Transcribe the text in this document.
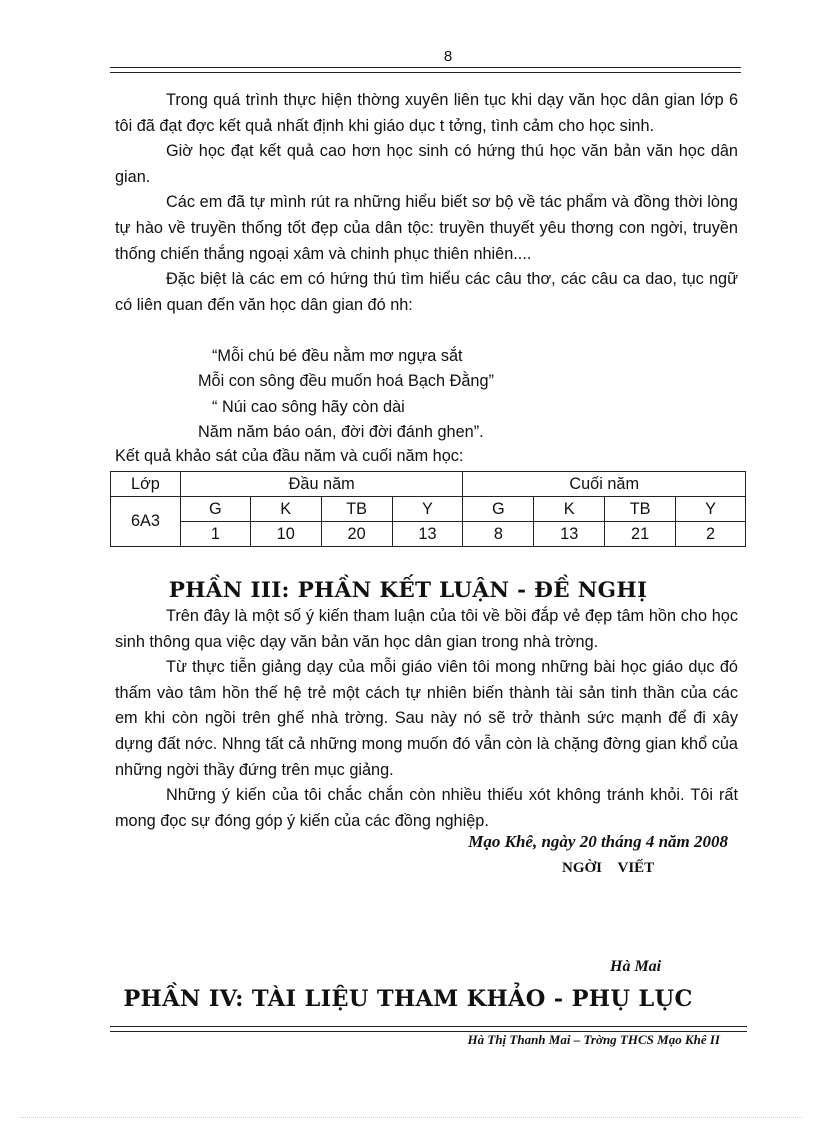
8

Trong quá trình thực hiện thờng xuyên liên tục khi dạy văn học dân gian lớp 6 tôi đã đạt đợc kết quả nhất định khi giáo dục t tởng, tình cảm cho học sinh.

Giờ học đạt kết quả cao hơn học sinh có hứng thú học văn bản văn học dân gian.

Các em đã tự mình rút ra những hiểu biết sơ bộ về tác phẩm và đồng thời lòng tự hào về truyền thống tốt đẹp của dân tộc: truyền thuyết yêu thơng con ngời, truyền thống chiến thắng ngoại xâm và chinh phục thiên nhiên....

Đặc biệt là các em có hứng thú tìm hiểu các câu thơ, các câu ca dao, tục ngữ có liên quan đến văn học dân gian đó nh:

“Mỗi chú bé đều nằm mơ ngựa sắt
Mỗi con sông đều muốn hoá Bạch Đằng”
“ Núi cao sông hãy còn dài
Năm năm báo oán, đời đời đánh ghen”.
Kết quả khảo sát của đầu năm và cuối năm học:
Lớp	Đầu năm				Cuối năm			
6A3	G	K	TB	Y	G	K	TB	Y
	1	10	20	13	8	13	21	2
PHẦN III: PHẦN KẾT LUẬN - ĐỀ NGHỊ

Trên đây là một số ý kiến tham luận của tôi về bồi đắp vẻ đẹp tâm hồn cho học sinh thông qua việc dạy văn bản văn học dân gian trong nhà trờng.

Từ thực tiễn giảng dạy của mỗi giáo viên tôi mong những bài học giáo dục đó thấm vào tâm hồn thế hệ trẻ một cách tự nhiên biến thành tài sản tinh thần của các em khi còn ngồi trên ghế nhà trờng. Sau này nó sẽ trở thành sức mạnh để đi xây dựng đất nớc. Nhng tất cả những mong muốn đó vẫn còn là chặng đờng gian khổ của những ngời thầy đứng trên mục giảng.

Những ý kiến của tôi chắc chắn còn nhiều thiếu xót không tránh khỏi. Tôi rất mong đọc sự đóng góp ý kiến của các đồng nghiệp.

Mạo Khê, ngày 20 tháng 4 năm 2008
NGỜI VIẾT
Hà Mai
PHẦN IV: TÀI LIỆU THAM KHẢO - PHỤ LỤC
Hà Thị Thanh Mai – Trờng THCS Mạo Khê II
